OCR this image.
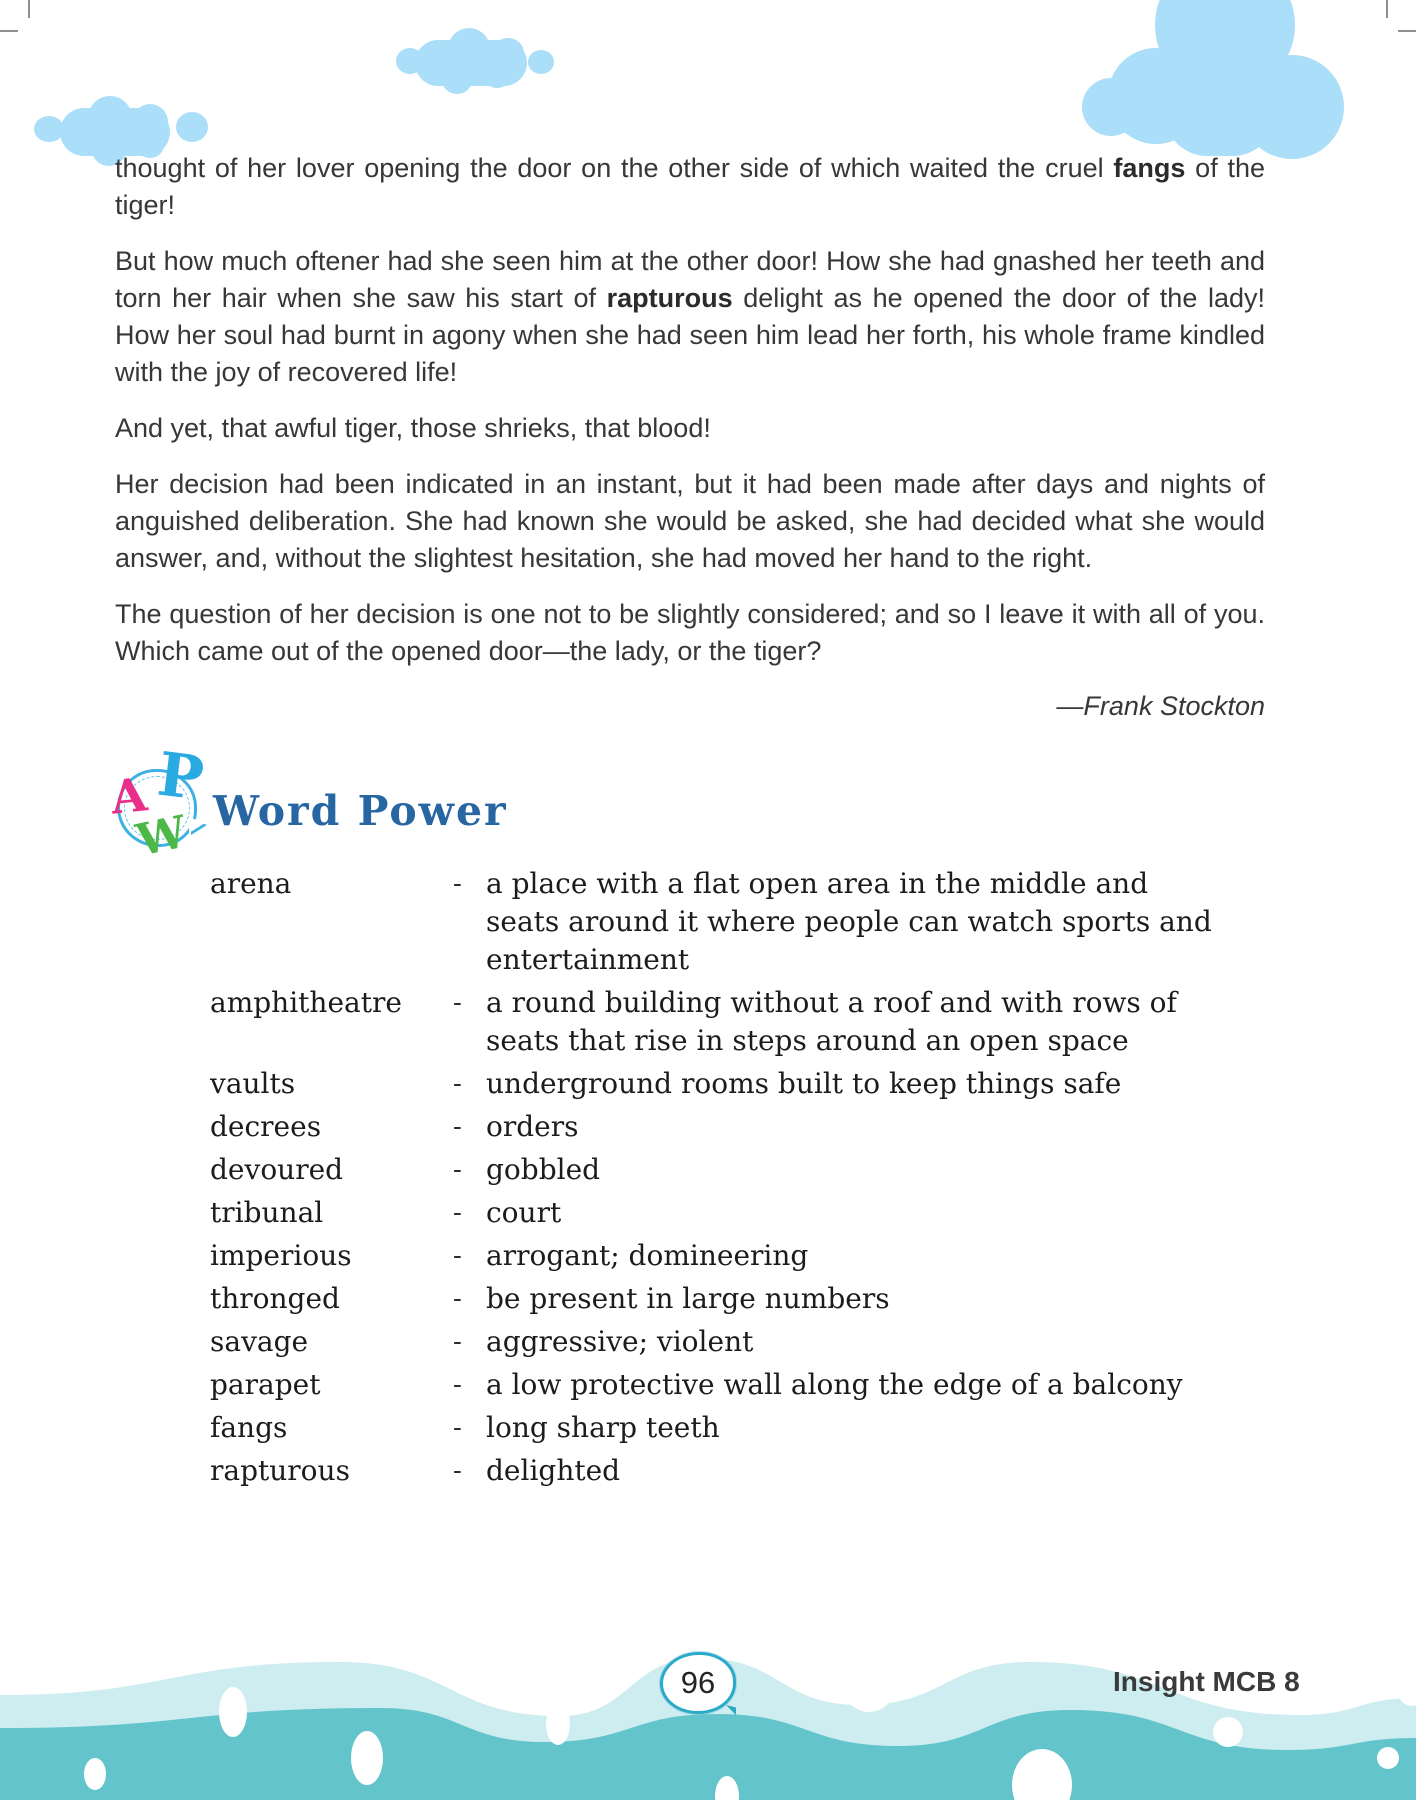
thought of her lover opening the door on the other side of which waited the cruel fangs of the tiger!

But how much oftener had she seen him at the other door! How she had gnashed her teeth and torn her hair when she saw his start of rapturous delight as he opened the door of the lady! How her soul had burnt in agony when she had seen him lead her forth, his whole frame kindled with the joy of recovered life!

And yet, that awful tiger, those shrieks, that blood!

Her decision had been indicated in an instant, but it had been made after days and nights of anguished deliberation. She had known she would be asked, she had decided what she would answer, and, without the slightest hesitation, she had moved her hand to the right.

The question of her decision is one not to be slightly considered; and so I leave it with all of you. Which came out of the opened door—the lady, or the tiger?

—Frank Stockton
A P
W Word Power
arena	- a place with a flat open area in the middle and seats around it where people can watch sports and entertainment
amphitheatre	- a round building without a roof and with rows of seats that rise in steps around an open space
vaults	- underground rooms built to keep things safe
decrees	- orders
devoured	- gobbled
tribunal	- court
imperious	- arrogant; domineering
thronged	- be present in large numbers
savage	- aggressive; violent
parapet	- a low protective wall along the edge of a balcony
fangs	- long sharp teeth
rapturous	- delighted
96	Insight MCB 8
